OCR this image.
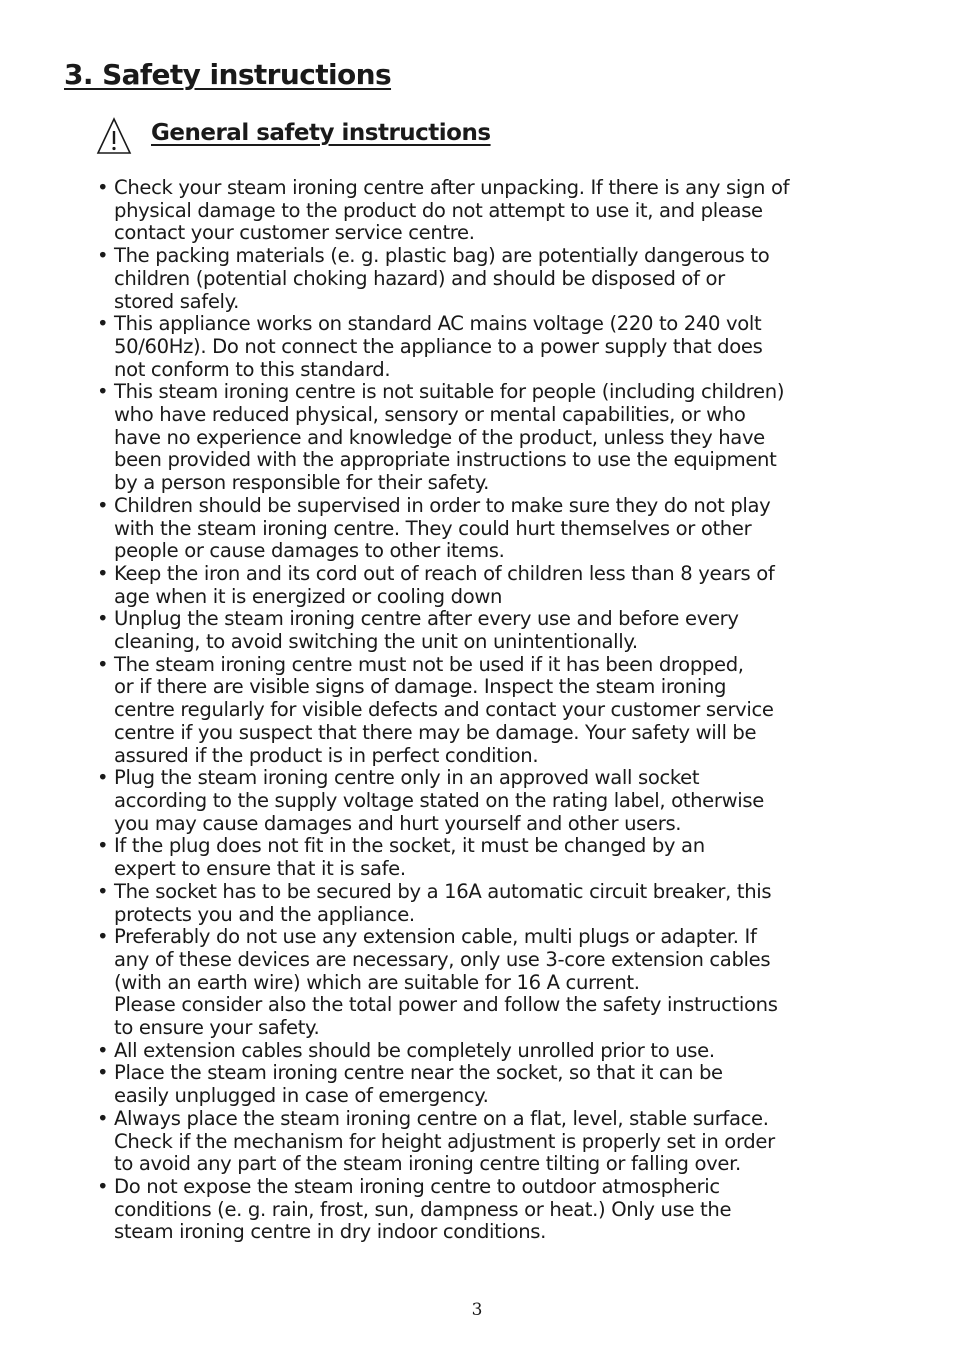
3. Safety instructions
General safety instructions
• Check your steam ironing centre after unpacking. If there is any sign of
physical damage to the product do not attempt to use it, and please
contact your customer service centre.
• The packing materials (e. g. plastic bag) are potentially dangerous to
children (potential choking hazard) and should be disposed of or
stored safely.
• This appliance works on standard AC mains voltage (220 to 240 volt
50/60Hz). Do not connect the appliance to a power supply that does
not conform to this standard.
• This steam ironing centre is not suitable for people (including children)
who have reduced physical, sensory or mental capabilities, or who
have no experience and knowledge of the product, unless they have
been provided with the appropriate instructions to use the equipment
by a person responsible for their safety.
• Children should be supervised in order to make sure they do not play
with the steam ironing centre. They could hurt themselves or other
people or cause damages to other items.
• Keep the iron and its cord out of reach of children less than 8 years of
age when it is energized or cooling down
• Unplug the steam ironing centre after every use and before every
cleaning, to avoid switching the unit on unintentionally.
• The steam ironing centre must not be used if it has been dropped,
or if there are visible signs of damage. Inspect the steam ironing
centre regularly for visible defects and contact your customer service
centre if you suspect that there may be damage. Your safety will be
assured if the product is in perfect condition.
• Plug the steam ironing centre only in an approved wall socket
according to the supply voltage stated on the rating label, otherwise
you may cause damages and hurt yourself and other users.
• If the plug does not fit in the socket, it must be changed by an
expert to ensure that it is safe.
• The socket has to be secured by a 16A automatic circuit breaker, this
protects you and the appliance.
• Preferably do not use any extension cable, multi plugs or adapter. If
any of these devices are necessary, only use 3-core extension cables
(with an earth wire) which are suitable for 16 A current.
Please consider also the total power and follow the safety instructions
to ensure your safety.
• All extension cables should be completely unrolled prior to use.
• Place the steam ironing centre near the socket, so that it can be
easily unplugged in case of emergency.
• Always place the steam ironing centre on a flat, level, stable surface.
Check if the mechanism for height adjustment is properly set in order
to avoid any part of the steam ironing centre tilting or falling over.
• Do not expose the steam ironing centre to outdoor atmospheric
conditions (e. g. rain, frost, sun, dampness or heat.) Only use the
steam ironing centre in dry indoor conditions.
3
